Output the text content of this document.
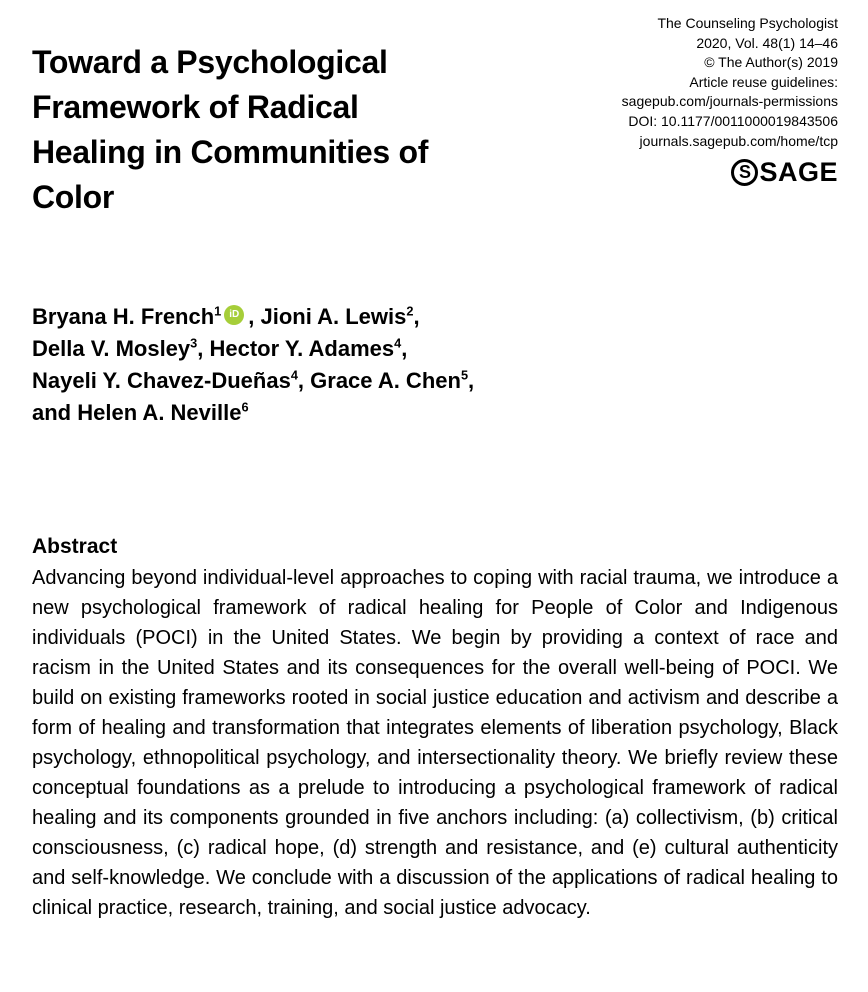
Toward a Psychological Framework of Radical Healing in Communities of Color
The Counseling Psychologist
2020, Vol. 48(1) 14–46
© The Author(s) 2019
Article reuse guidelines:
sagepub.com/journals-permissions
DOI: 10.1177/0011000019843506
journals.sagepub.com/home/tcp
S SAGE
Bryana H. French$^1$ iD , Jioni A. Lewis$^2$,
Della V. Mosley$^3$, Hector Y. Adames$^4$,
Nayeli Y. Chavez-Dueñas$^4$, Grace A. Chen$^5$,
and Helen A. Neville$^6$
Abstract

Advancing beyond individual-level approaches to coping with racial trauma, we introduce a new psychological framework of radical healing for People of Color and Indigenous individuals (POCI) in the United States. We begin by providing a context of race and racism in the United States and its consequences for the overall well-being of POCI. We build on existing frameworks rooted in social justice education and activism and describe a form of healing and transformation that integrates elements of liberation psychology, Black psychology, ethnopolitical psychology, and intersectionality theory. We briefly review these conceptual foundations as a prelude to introducing a psychological framework of radical healing and its components grounded in five anchors including: (a) collectivism, (b) critical consciousness, (c) radical hope, (d) strength and resistance, and (e) cultural authenticity and self-knowledge. We conclude with a discussion of the applications of radical healing to clinical practice, research, training, and social justice advocacy.
